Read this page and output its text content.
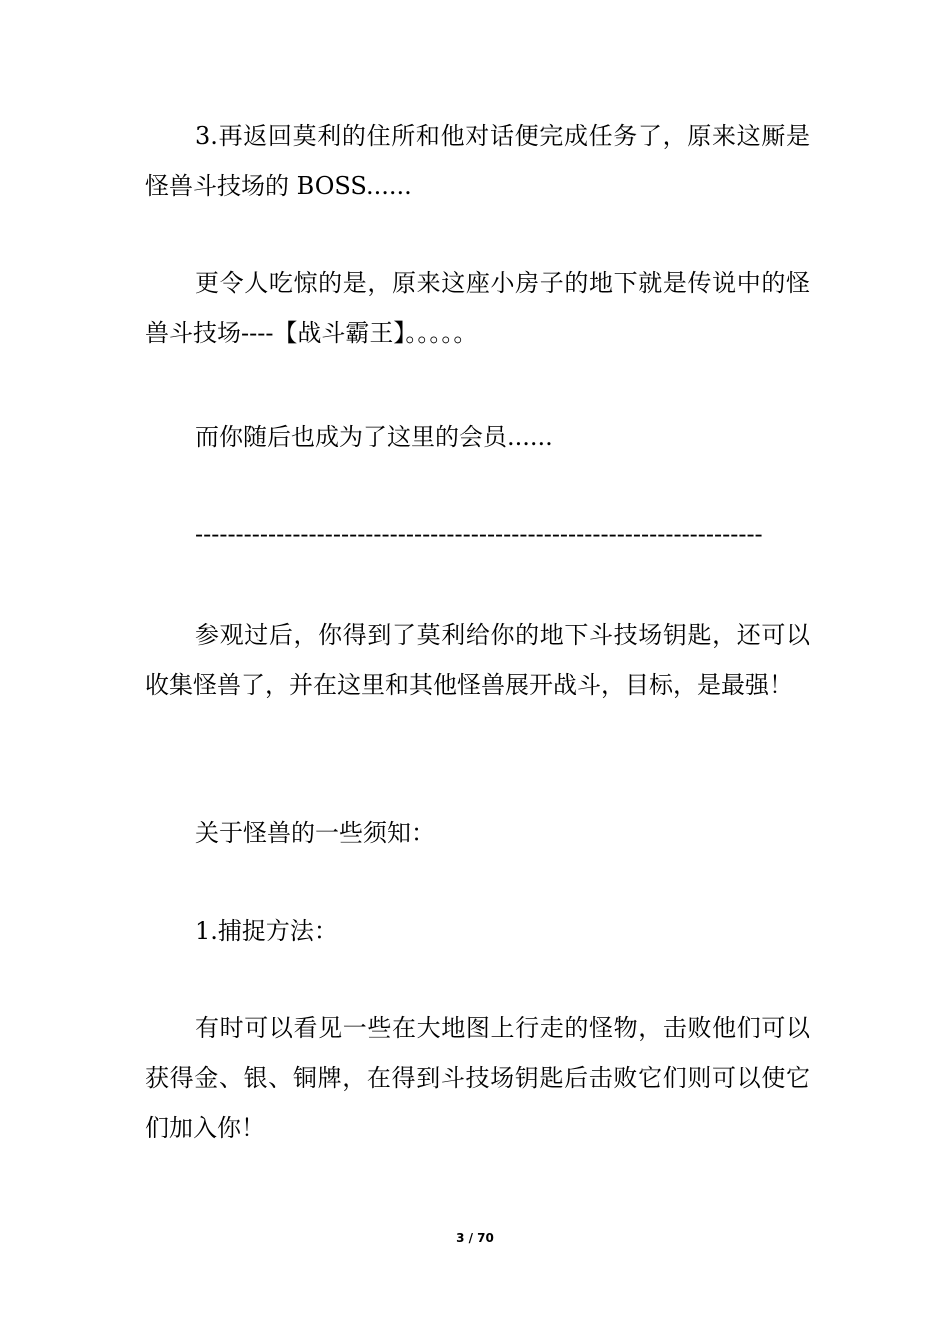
3.再返回莫利的住所和他对话便完成任务了，原来这厮是怪兽斗技场的 BOSS......

更令人吃惊的是，原来这座小房子的地下就是传说中的怪兽斗技场----【战斗霸王】。。。。。

而你随后也成为了这里的会员......

----------------------------------------------------------------------

参观过后，你得到了莫利给你的地下斗技场钥匙，还可以收集怪兽了，并在这里和其他怪兽展开战斗，目标，是最强！

关于怪兽的一些须知：

1.捕捉方法：

有时可以看见一些在大地图上行走的怪物，击败他们可以获得金、银、铜牌，在得到斗技场钥匙后击败它们则可以使它们加入你！

3 / 70
